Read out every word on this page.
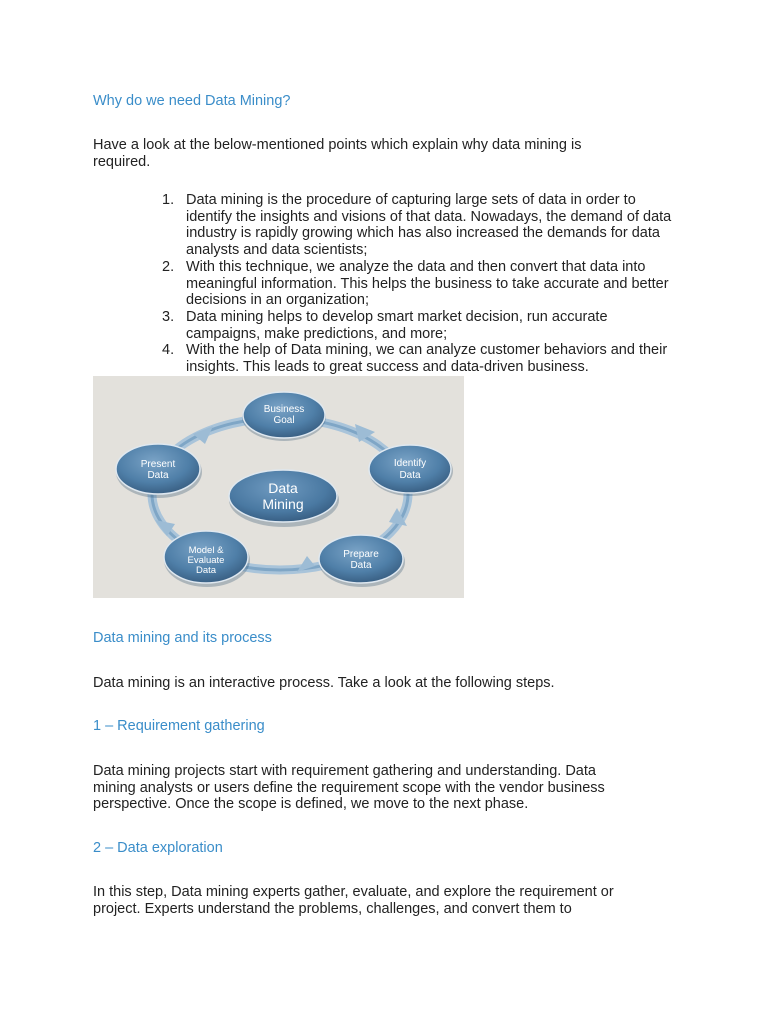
Why do we need Data Mining?

Have a look at the below-mentioned points which explain why data mining is required.

1. Data mining is the procedure of capturing large sets of data in order to identify the insights and visions of that data. Nowadays, the demand of data industry is rapidly growing which has also increased the demands for data analysts and data scientists;
2. With this technique, we analyze the data and then convert that data into meaningful information. This helps the business to take accurate and better decisions in an organization;
3. Data mining helps to develop smart market decision, run accurate campaigns, make predictions, and more;
4. With the help of Data mining, we can analyze customer behaviors and their insights. This leads to great success and data-driven business.
Business
Goal
Identify
Data
Prepare
Data
Model &
Evaluate
Data
Present
Data
Data
Mining
Data mining and its process

Data mining is an interactive process. Take a look at the following steps.

1 – Requirement gathering

Data mining projects start with requirement gathering and understanding. Data mining analysts or users define the requirement scope with the vendor business perspective. Once the scope is defined, we move to the next phase.

2 – Data exploration

In this step, Data mining experts gather, evaluate, and explore the requirement or project. Experts understand the problems, challenges, and convert them to
